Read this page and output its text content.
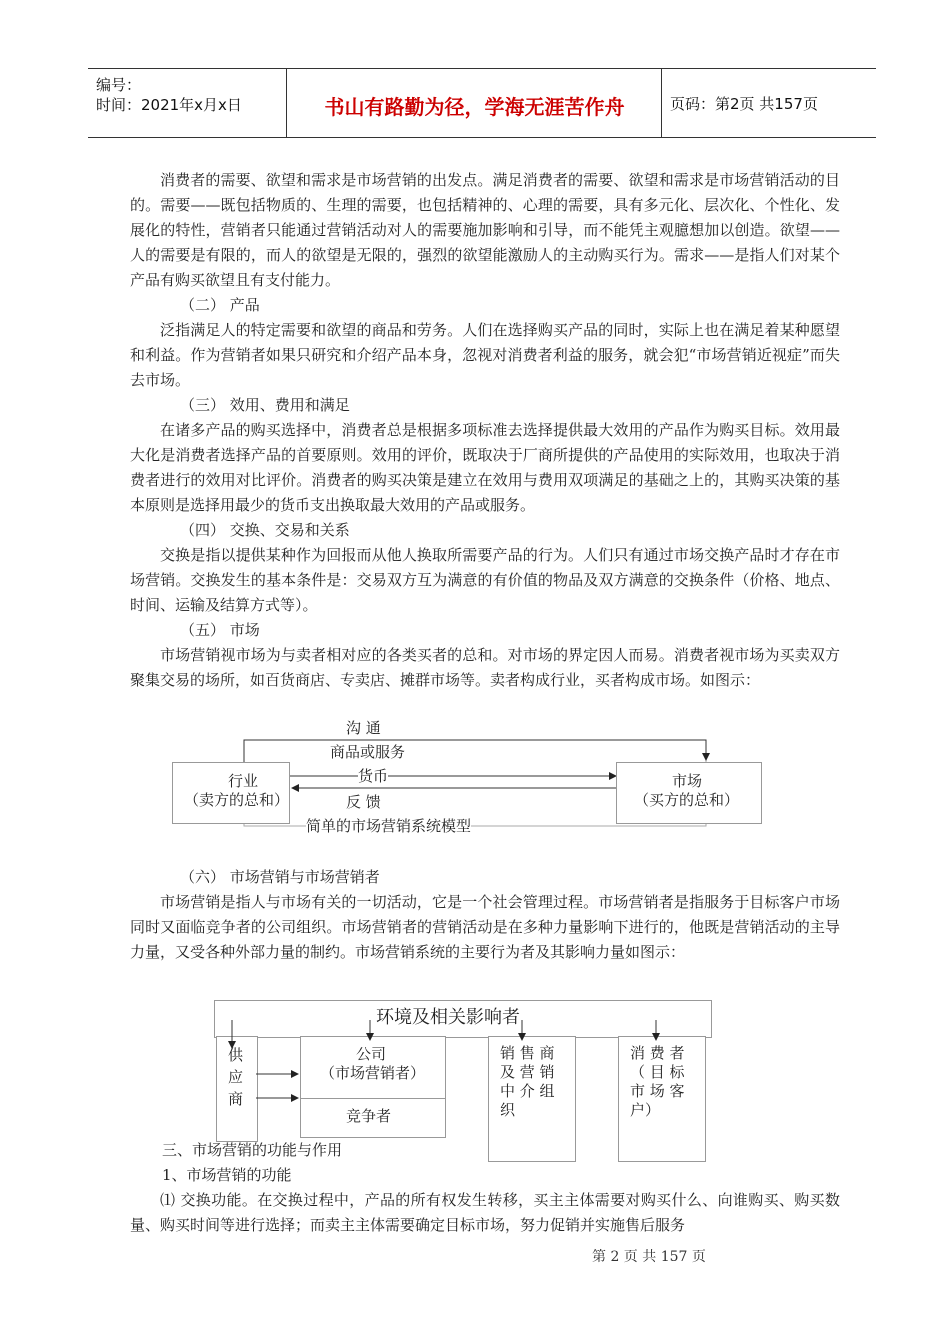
编号：
时间：2021年x月x日	书山有路勤为径，学海无涯苦作舟	页码：第2页 共157页

消费者的需要、欲望和需求是市场营销的出发点。满足消费者的需要、欲望和需求是市场营销活动的目的。需要——既包括物质的、生理的需要，也包括精神的、心理的需要，具有多元化、层次化、个性化、发展化的特性，营销者只能通过营销活动对人的需要施加影响和引导，而不能凭主观臆想加以创造。欲望——人的需要是有限的，而人的欲望是无限的，强烈的欲望能激励人的主动购买行为。需求——是指人们对某个产品有购买欲望且有支付能力。

（二） 产品

泛指满足人的特定需要和欲望的商品和劳务。人们在选择购买产品的同时，实际上也在满足着某种愿望和利益。作为营销者如果只研究和介绍产品本身，忽视对消费者利益的服务，就会犯“市场营销近视症”而失去市场。

（三） 效用、费用和满足

在诸多产品的购买选择中，消费者总是根据多项标准去选择提供最大效用的产品作为购买目标。效用最大化是消费者选择产品的首要原则。效用的评价，既取决于厂商所提供的产品使用的实际效用，也取决于消费者进行的效用对比评价。消费者的购买决策是建立在效用与费用双项满足的基础之上的，其购买决策的基本原则是选择用最少的货币支出换取最大效用的产品或服务。

（四） 交换、交易和关系

交换是指以提供某种作为回报而从他人换取所需要产品的行为。人们只有通过市场交换产品时才存在市场营销。交换发生的基本条件是：交易双方互为满意的有价值的物品及双方满意的交换条件（价格、地点、时间、运输及结算方式等）。

（五） 市场

市场营销视市场为与卖者相对应的各类买者的总和。对市场的界定因人而易。消费者视市场为买卖双方聚集交易的场所，如百货商店、专卖店、摊群市场等。卖者构成行业，买者构成市场。如图示：

行业
（卖方的总和）
市场
（买方的总和）
沟 通
商品或服务
货币
反 馈
简单的市场营销系统模型
（六） 市场营销与市场营销者

市场营销是指人与市场有关的一切活动，它是一个社会管理过程。市场营销者是指服务于目标客户市场同时又面临竞争者的公司组织。市场营销者的营销活动是在多种力量影响下进行的，他既是营销活动的主导力量，又受各种外部力量的制约。市场营销系统的主要行为者及其影响力量如图示：

环境及相关影响者
供应商
公司
（市场营销者）
竞争者
销 售 商 及 营 销 中 介 组 织
消 费 者 （ 目 标 市 场 客 户）
三、市场营销的功能与作用
1、市场营销的功能

⑴ 交换功能。在交换过程中，产品的所有权发生转移，买主主体需要对购买什么、向谁购买、购买数量、购买时间等进行选择；而卖主主体需要确定目标市场，努力促销并实施售后服务

第 2 页 共 157 页
